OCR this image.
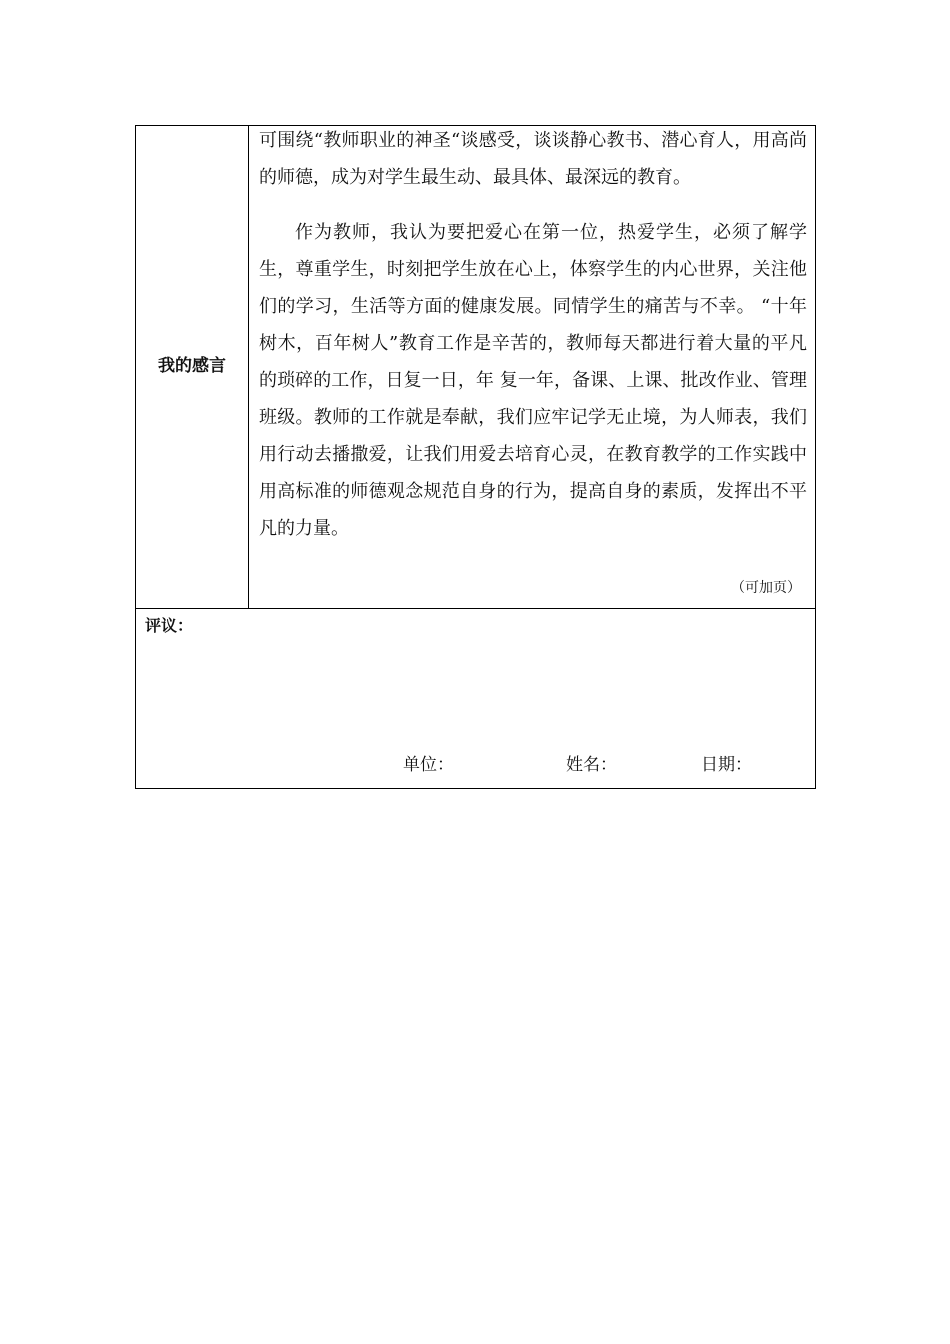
我的感言

可围绕“教师职业的神圣“谈感受，谈谈静心教书、潜心育人，用高尚的师德，成为对学生最生动、最具体、最深远的教育。

作为教师，我认为要把爱心在第一位，热爱学生，必须了解学生，尊重学生，时刻把学生放在心上，体察学生的内心世界，关注他们的学习，生活等方面的健康发展。同情学生的痛苦与不幸。 “十年树木，百年树人”教育工作是辛苦的，教师每天都进行着大量的平凡的琐碎的工作，日复一日，年 复一年，备课、上课、批改作业、管理班级。教师的工作就是奉献，我们应牢记学无止境，为人师表，我们用行动去播撒爱，让我们用爱去培育心灵，在教育教学的工作实践中用高标准的师德观念规范自身的行为，提高自身的素质，发挥出不平凡的力量。

（可加页）
评议：
单位：	姓名：	日期：
